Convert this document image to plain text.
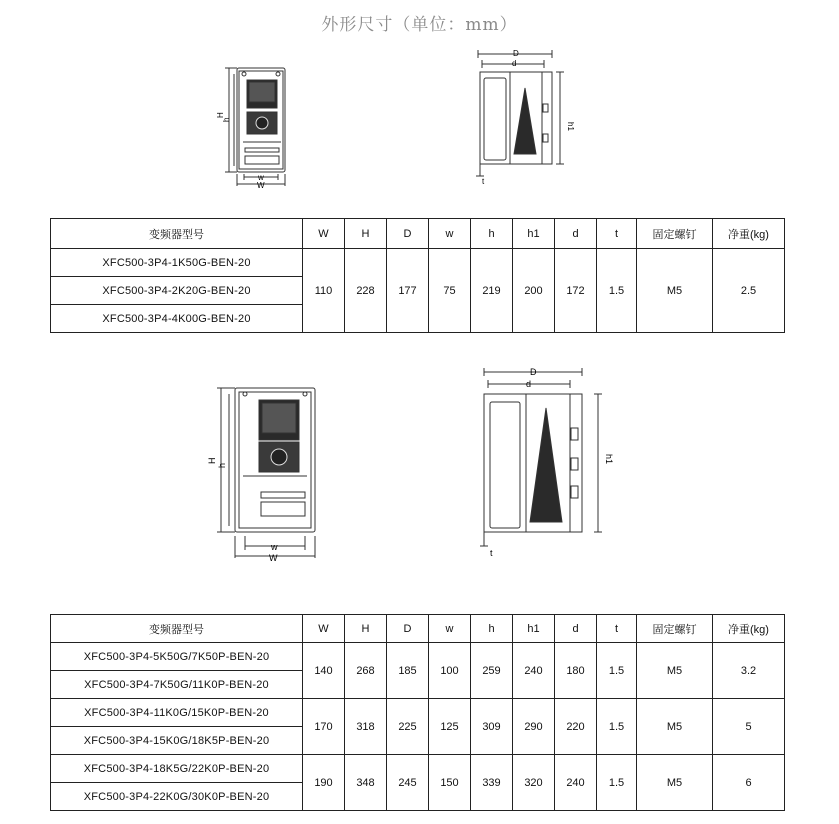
外形尺寸（单位：mm）
H
h
w
W
D
d
h1
t
变频器型号	W	H	D	w	h	h1	d	t	固定螺钉	净重(kg)
XFC500-3P4-1K50G-BEN-20	110	228	177	75	219	200	172	1.5	M5	2.5
XFC500-3P4-2K20G-BEN-20										
XFC500-3P4-4K00G-BEN-20										
H
h
w
W
D
d
h1
t
变频器型号	W	H	D	w	h	h1	d	t	固定螺钉	净重(kg)
XFC500-3P4-5K50G/7K50P-BEN-20	140	268	185	100	259	240	180	1.5	M5	3.2
XFC500-3P4-7K50G/11K0P-BEN-20										
XFC500-3P4-11K0G/15K0P-BEN-20	170	318	225	125	309	290	220	1.5	M5	5
XFC500-3P4-15K0G/18K5P-BEN-20										
XFC500-3P4-18K5G/22K0P-BEN-20	190	348	245	150	339	320	240	1.5	M5	6
XFC500-3P4-22K0G/30K0P-BEN-20										
